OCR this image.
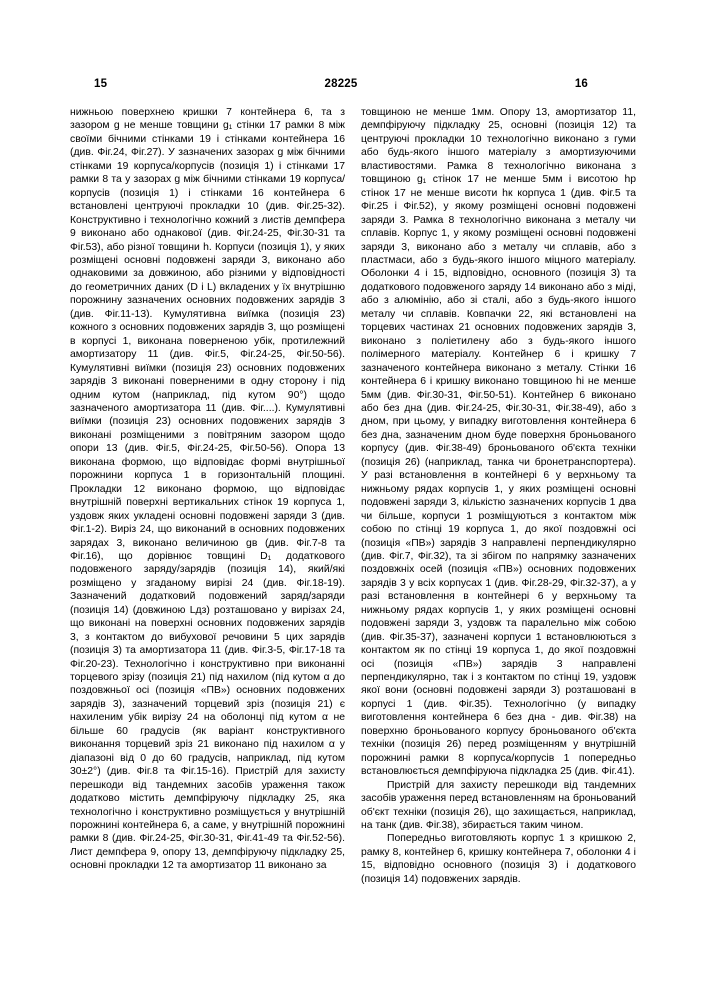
15	28225	16

нижньою поверхнею кришки 7 контейнера 6, та з зазором g не менше товщини g₁ стінки 17 рамки 8 між своїми бічними стінками 19 і стінками контейнера 16 (див. Фіг.24, Фіг.27). У зазначених зазорах g між бічними стінками 19 корпуса/корпусів (позиція 1) і стінками 17 рамки 8 та у зазорах g між бічними стінками 19 корпуса/корпусів (позиція 1) і стінками 16 контейнера 6 встановлені центруючі прокладки 10 (див. Фіг.25-32). Конструктивно і технологічно кожний з листів демпфера 9 виконано або однакової (див. Фіг.24-25, Фіг.30-31 та Фіг.53), або різної товщини h. Корпуси (позиція 1), у яких розміщені основні подовжені заряди 3, виконано або однаковими за довжиною, або різними у відповідності до геометричних даних (D і L) вкладених у їх внутрішню порожнину зазначених основних подовжених зарядів 3 (див. Фіг.11-13). Кумулятивна виїмка (позиція 23) кожного з основних подовжених зарядів 3, що розміщені в корпусі 1, виконана поверненою убік, протилежний амортизатору 11 (див. Фіг.5, Фіг.24-25, Фіг.50-56). Кумулятивні виїмки (позиція 23) основних подовжених зарядів 3 виконані поверненими в одну сторону і під одним кутом (наприклад, під кутом 90°) щодо зазначеного амортизатора 11 (див. Фіг....). Кумулятивні виїмки (позиція 23) основних подовжених зарядів 3 виконані розміщеними з повітряним зазором щодо опори 13 (див. Фіг.5, Фіг.24-25, Фіг.50-56). Опора 13 виконана формою, що відповідає формі внутрішньої порожнини корпуса 1 в горизонтальній площині. Прокладки 12 виконано формою, що відповідає внутрішній поверхні вертикальних стінок 19 корпуса 1, уздовж яких укладені основні подовжені заряди 3 (див. Фіг.1-2). Виріз 24, що виконаний в основних подовжених зарядах 3, виконано величиною gв (див. Фіг.7-8 та Фіг.16), що дорівнює товщині D₁ додаткового подовженого заряду/зарядів (позиція 14), який/які розміщено у згаданому вирізі 24 (див. Фіг.18-19). Зазначений додатковий подовжений заряд/заряди (позиція 14) (довжиною Lдз) розташовано у вирізах 24, що виконані на поверхні основних подовжених зарядів 3, з контактом до вибухової речовини 5 цих зарядів (позиція 3) та амортизатора 11 (див. Фіг.3-5, Фіг.17-18 та Фіг.20-23). Технологічно і конструктивно при виконанні торцевого зрізу (позиція 21) під нахилом (під кутом α до поздовжньої осі (позиція «ПВ») основних подовжених зарядів 3), зазначений торцевий зріз (позиція 21) є нахиленим убік вирізу 24 на оболонці під кутом α не більше 60 градусів (як варіант конструктивного виконання торцевий зріз 21 виконано під нахилом α у діапазоні від 0 до 60 градусів, наприклад, під кутом 30±2°) (див. Фіг.8 та Фіг.15-16). Пристрій для захисту перешкоди від тандемних засобів ураження також додатково містить демпфіруючу підкладку 25, яка технологічно і конструктивно розміщується у внутрішній порожнині контейнера 6, а саме, у внутрішній порожнині рамки 8 (див. Фіг.24-25, Фіг.30-31, Фіг.41-49 та Фіг.52-56). Лист демпфера 9, опору 13, демпфіруючу підкладку 25, основні прокладки 12 та амортизатор 11 виконано за

товщиною не менше 1мм. Опору 13, амортизатор 11, демпфіруючу підкладку 25, основні (позиція 12) та центруючі прокладки 10 технологічно виконано з гуми або будь-якого іншого матеріалу з амортизуючими властивостями. Рамка 8 технологічно виконана з товщиною g₁ стінок 17 не менше 5мм і висотою hр стінок 17 не менше висоти hк корпуса 1 (див. Фіг.5 та Фіг.25 і Фіг.52), у якому розміщені основні подовжені заряди 3. Рамка 8 технологічно виконана з металу чи сплавів. Корпус 1, у якому розміщені основні подовжені заряди 3, виконано або з металу чи сплавів, або з пластмаси, або з будь-якого іншого міцного матеріалу. Оболонки 4 і 15, відповідно, основного (позиція 3) та додаткового подовженого заряду 14 виконано або з міді, або з алюмінію, або зі сталі, або з будь-якого іншого металу чи сплавів. Ковпачки 22, які встановлені на торцевих частинах 21 основних подовжених зарядів 3, виконано з поліетилену або з будь-якого іншого полімерного матеріалу. Контейнер 6 і кришку 7 зазначеного контейнера виконано з металу. Стінки 16 контейнера 6 і кришку виконано товщиною hі не менше 5мм (див. Фіг.30-31, Фіг.50-51). Контейнер 6 виконано або без дна (див. Фіг.24-25, Фіг.30-31, Фіг.38-49), або з дном, при цьому, у випадку виготовлення контейнера 6 без дна, зазначеним дном буде поверхня броньованого корпусу (див. Фіг.38-49) броньованого об'єкта техніки (позиція 26) (наприклад, танка чи бронетранспортера). У разі встановлення в контейнері 6 у верхньому та нижньому рядах корпусів 1, у яких розміщені основні подовжені заряди 3, кількістю зазначених корпусів 1 два чи більше, корпуси 1 розміщуються з контактом між собою по стінці 19 корпуса 1, до якої поздовжні осі (позиція «ПВ») зарядів 3 направлені перпендикулярно (див. Фіг.7, Фіг.32), та зі збігом по напрямку зазначених поздовжніх осей (позиція «ПВ») основних подовжених зарядів 3 у всіх корпусах 1 (див. Фіг.28-29, Фіг.32-37), а у разі встановлення в контейнері 6 у верхньому та нижньому рядах корпусів 1, у яких розміщені основні подовжені заряди 3, уздовж та паралельно між собою (див. Фіг.35-37), зазначені корпуси 1 встановлюються з контактом як по стінці 19 корпуса 1, до якої поздовжні осі (позиція «ПВ») зарядів 3 направлені перпендикулярно, так і з контактом по стінці 19, уздовж якої вони (основні подовжені заряди 3) розташовані в корпусі 1 (див. Фіг.35). Технологічно (у випадку виготовлення контейнера 6 без дна - див. Фіг.38) на поверхню броньованого корпусу броньованого об'єкта техніки (позиція 26) перед розміщенням у внутрішній порожнині рамки 8 корпуса/корпусів 1 попередньо встановлюється демпфіруюча підкладка 25 (див. Фіг.41).

Пристрій для захисту перешкоди від тандемних засобів ураження перед встановленням на броньований об'єкт техніки (позиція 26), що захищається, наприклад, на танк (див. Фіг.38), збирається таким чином.

Попередньо виготовляють корпус 1 з кришкою 2, рамку 8, контейнер 6, кришку контейнера 7, оболонки 4 і 15, відповідно основного (позиція 3) і додаткового (позиція 14) подовжених зарядів.
